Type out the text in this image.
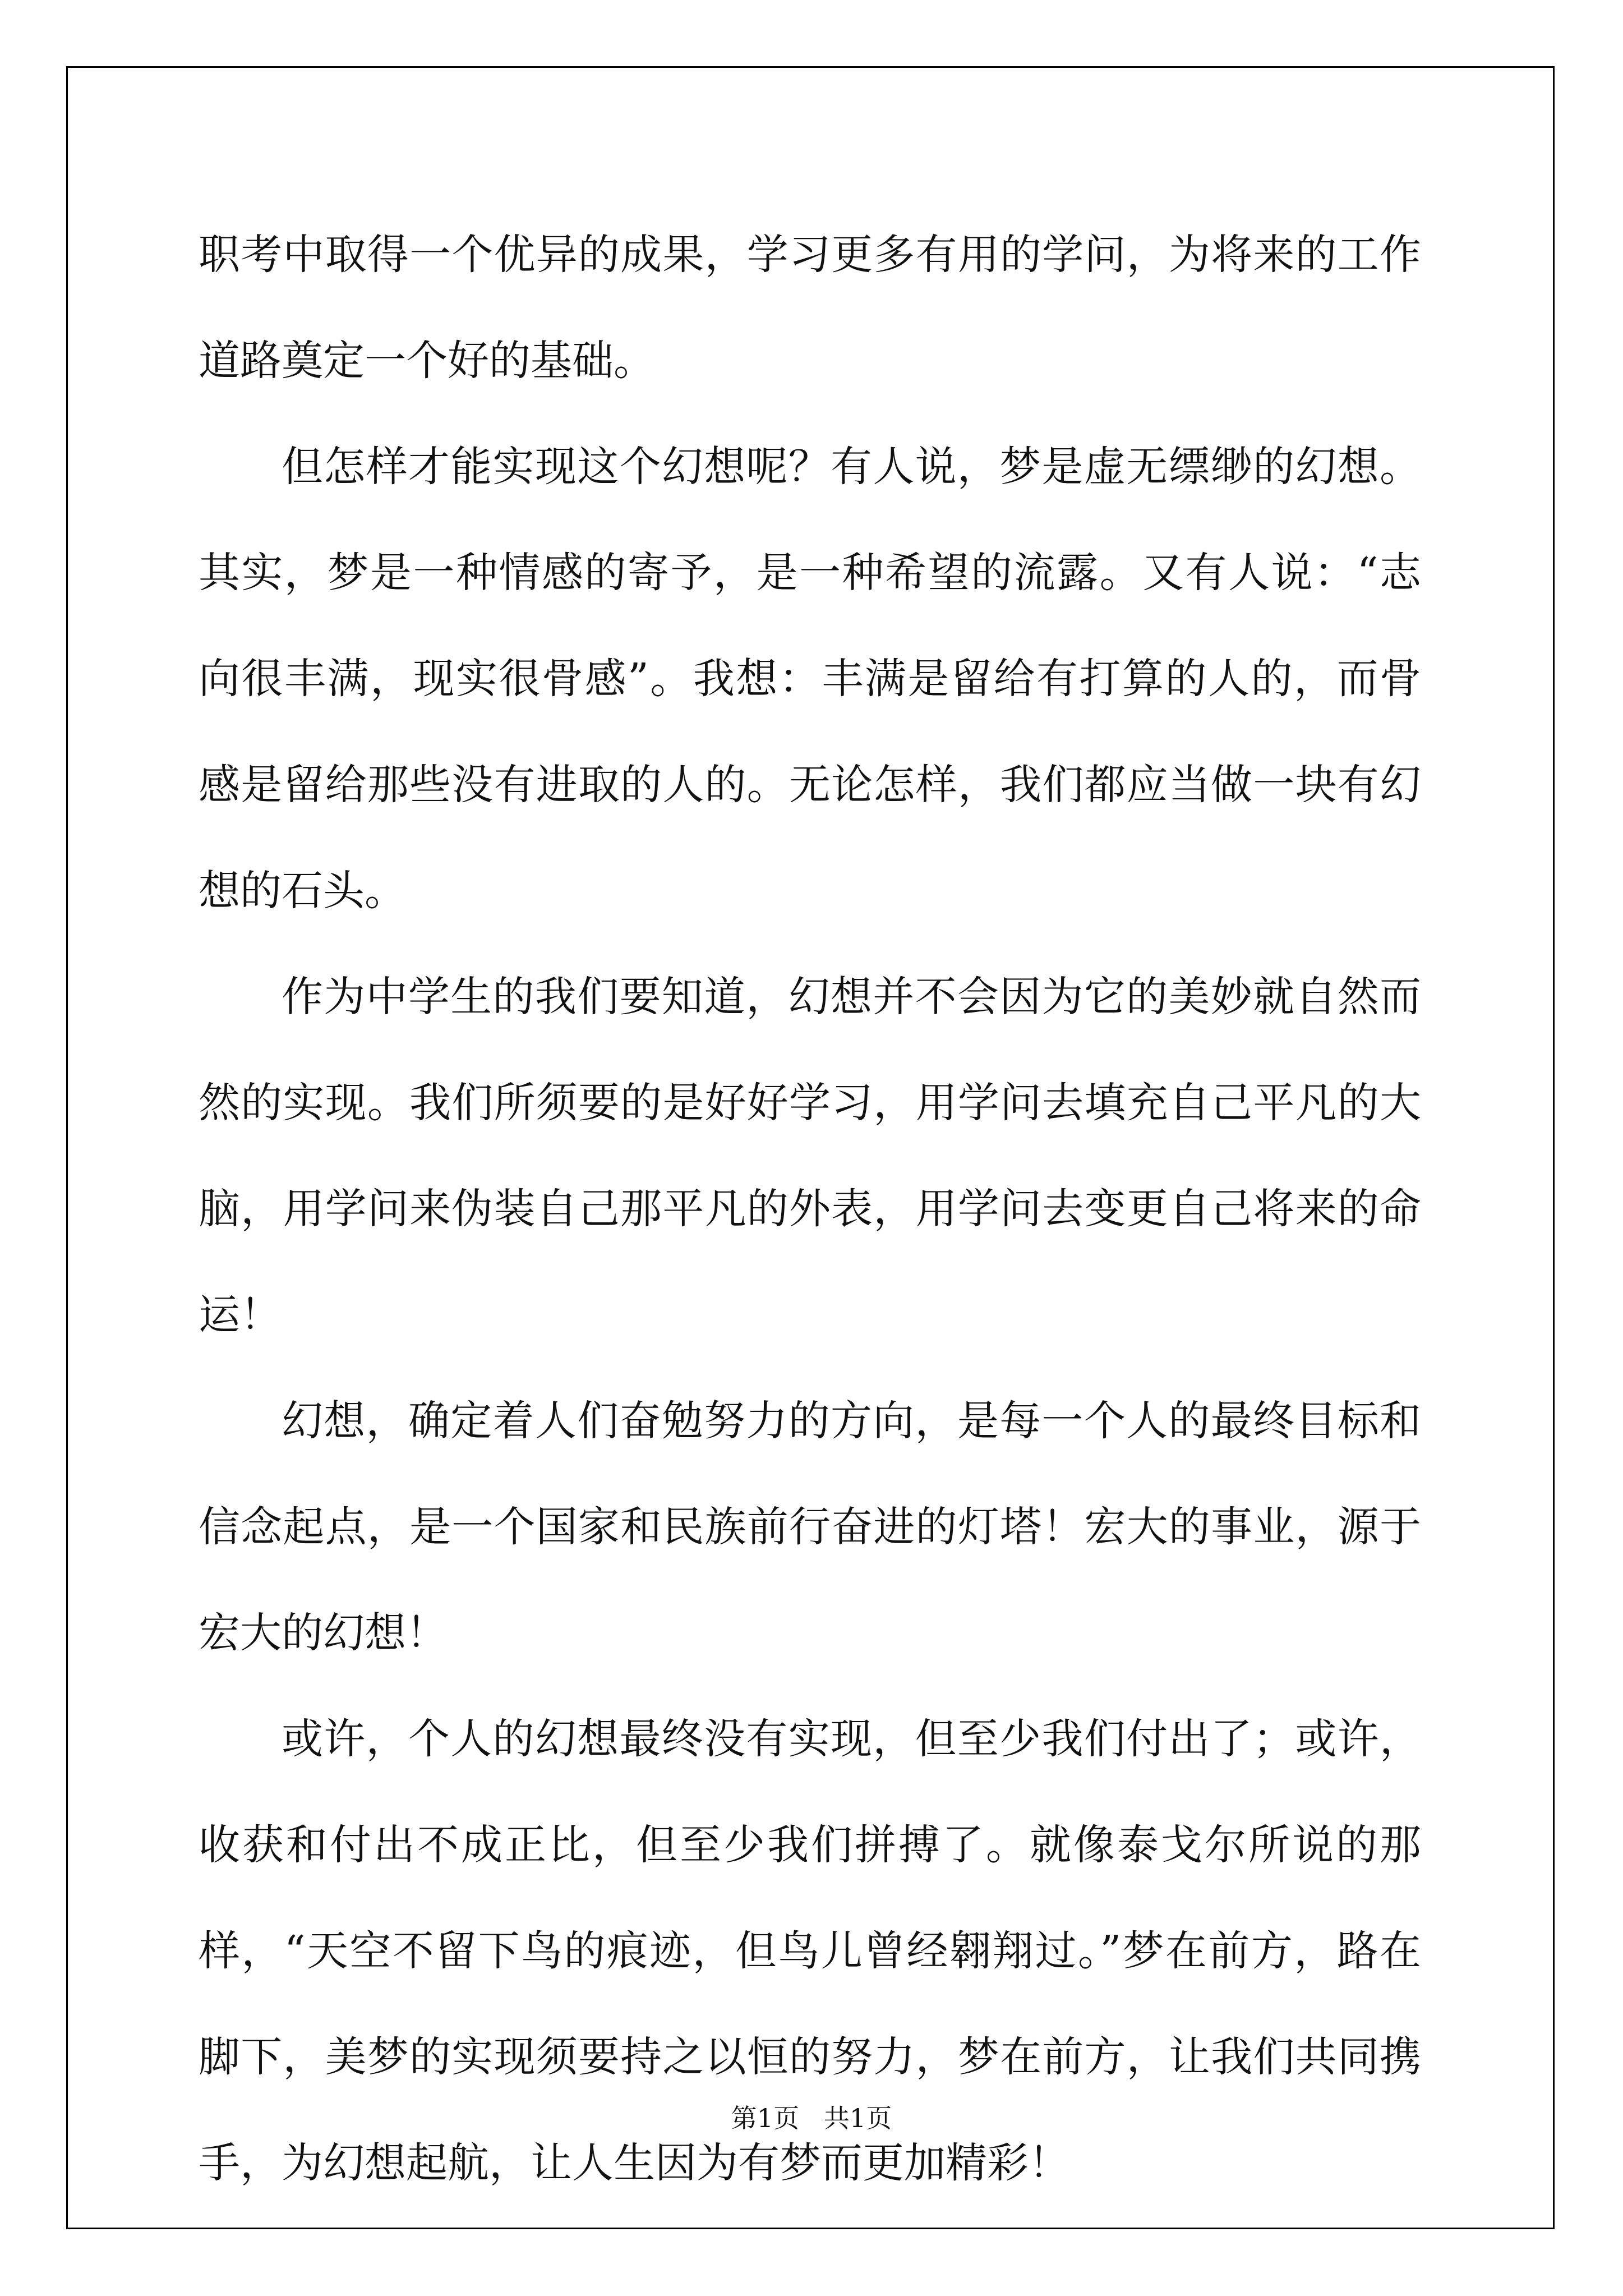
职考中取得一个优异的成果，学习更多有用的学问，为将来的工作道路奠定一个好的基础。

但怎样才能实现这个幻想呢？有人说，梦是虚无缥缈的幻想。其实，梦是一种情感的寄予，是一种希望的流露。又有人说：“志向很丰满，现实很骨感”。我想：丰满是留给有打算的人的，而骨感是留给那些没有进取的人的。无论怎样，我们都应当做一块有幻想的石头。

作为中学生的我们要知道，幻想并不会因为它的美妙就自然而然的实现。我们所须要的是好好学习，用学问去填充自己平凡的大脑，用学问来伪装自己那平凡的外表，用学问去变更自己将来的命运！

幻想，确定着人们奋勉努力的方向，是每一个人的最终目标和信念起点，是一个国家和民族前行奋进的灯塔！宏大的事业，源于宏大的幻想！

或许，个人的幻想最终没有实现，但至少我们付出了；或许，收获和付出不成正比，但至少我们拼搏了。就像泰戈尔所说的那样，“天空不留下鸟的痕迹，但鸟儿曾经翱翔过。”梦在前方，路在脚下，美梦的实现须要持之以恒的努力，梦在前方，让我们共同携手，为幻想起航，让人生因为有梦而更加精彩！

第1页   共1页
